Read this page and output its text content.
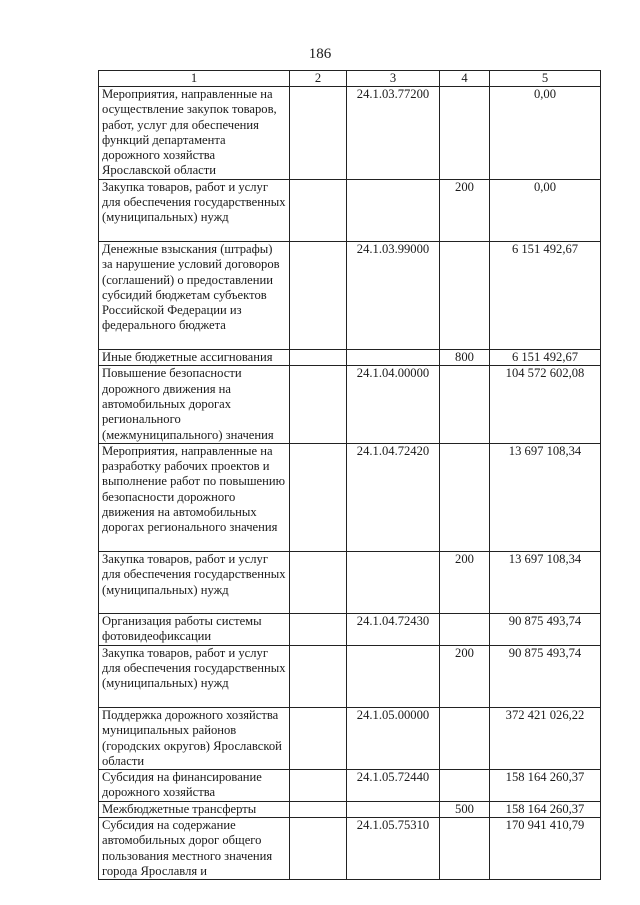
186
1	2	3	4	5
Мероприятия, направленные на осуществление закупок товаров, работ, услуг для обеспечения функций департамента дорожного хозяйства Ярославской области		24.1.03.77200		0,00
Закупка товаров, работ и услуг для обеспечения государственных (муниципальных) нужд			200	0,00
Денежные взыскания (штрафы) за нарушение условий договоров (соглашений) о предоставлении субсидий бюджетам субъектов Российской Федерации из федерального бюджета		24.1.03.99000		6 151 492,67
Иные бюджетные ассигнования			800	6 151 492,67
Повышение безопасности дорожного движения на автомобильных дорогах регионального (межмуниципального) значения		24.1.04.00000		104 572 602,08
Мероприятия, направленные на разработку рабочих проектов и выполнение работ по повышению безопасности дорожного движения на автомобильных дорогах регионального значения		24.1.04.72420		13 697 108,34
Закупка товаров, работ и услуг для обеспечения государственных (муниципальных) нужд			200	13 697 108,34
Организация работы системы фотовидеофиксации		24.1.04.72430		90 875 493,74
Закупка товаров, работ и услуг для обеспечения государственных (муниципальных) нужд			200	90 875 493,74
Поддержка дорожного хозяйства муниципальных районов (городских округов) Ярославской области		24.1.05.00000		372 421 026,22
Субсидия на финансирование дорожного хозяйства		24.1.05.72440		158 164 260,37
Межбюджетные трансферты			500	158 164 260,37
Субсидия на содержание автомобильных дорог общего пользования местного значения города Ярославля и		24.1.05.75310		170 941 410,79
